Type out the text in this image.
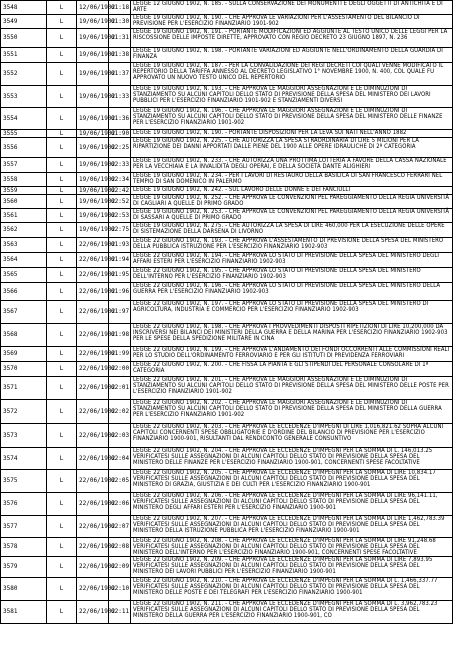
3548	L	12/06/1902	01:18	LEGGE 12 GIUGNO 1902, N. 185. - SULLA CONSERVAZIONE DEI MONUMENTI E DEGLI OGGETTI DI ANTICHITÀ E DI ARTE
3549	L	19/06/1902	01:30	LEGGE 19 GIUGNO 1902, N. 190. - CHE APPROVA LE VARIAZIONI PER L'ASSESTAMENTO DEL BILANCIO DI PREVISIONE PER L'ESERCIZIO FINANZIARIO 1901-902
3550	L	19/06/1902	01:31	LEGGE 19 GIUGNO 1902, N. 191. - PORTANTE MODIFICAZIONI ED AGGIUNTE AL TESTO UNICO DELLE LEGGI PER LA RISCOSSIONE DELLE IMPOSTE DIRETTE, APPROVATO CON REGIO DECRETO 23 GIUGNO 1897, N. 236
3551	L	19/06/1902	01:38	LEGGE 19 GIUGNO 1902, N. 198. - PORTANTE VARIAZIONI ED AGGIUNTE NELL'ORDINAMENTO DELLA GUARDIA DI FINANZA
3552	L	19/06/1902	01:37	LEGGE 19 GIUGNO 1902, N. 187. - PER LA CONVALIDAZIONE DEI REGI DECRETI COI QUALI VENNE MODIFICATO IL REPERTORIO DELLA TARIFFA ANNESSO AL DECRETO LEGISLATIVO 1° NOVEMBRE 1900, N. 400, COL QUALE FU APPROVATO UN NUOVO TESTO UNICO DEL REPERTORIO
3553	L	19/06/1902	01:33	LEGGE 19 GIUGNO 1902, N. 193. - CHE APPROVA LE MAGGIORI ASSEGNAZIONI E LE DIMINUZIONI DI STANZIAMENTO SU ALCUNI CAPITOLI DELLO STATO DI PREVISIONE DELLA SPESA DEL MINISTERO DEI LAVORI PUBBLICI PER L'ESERCIZIO FINANZIARIO 1901-902 E STANZIAMENTI DIVERSI
3554	L	19/06/1902	01:36	LEGGE 19 GIUGNO 1902, N. 196. - CHE APPROVA LE MAGGIORI ASSEGNAZIONI E LE DIMINUZIONI DI STANZIAMENTO SU ALCUNI CAPITOLI DELLO STATO DI PREVISIONE DELLA SPESA DEL MINISTERO DELLE FINANZE PER L'ESERCIZIO FINANZIARIO 1901-902
3555	L	19/06/1902	01:90	LEGGE 19 GIUGNO 1902, N. 190. - PORTANTE DISPOSIZIONI PER LA LEVA SUI NATI NELL'ANNO 1882
3556	L	19/06/1902	02:25	LEGGE 19 GIUGNO 1902, N. 225. - CHE AUTORIZZA LA SPESA STRAORDINARIA DI LIRE 5 MILIONI PER LA RIPARTIZIONE DEI DANNI APPORTATI DALLE PIENE DEL 1900 ALLE OPERE IDRAULICHE DI 2ª CATEGORIA
3557	L	19/06/1902	02:33	LEGGE 19 GIUGNO 1902, N. 233. - CHE AUTORIZZA UNA PROTTIMA LOTTERIA A FAVORE DELLA CASSA NAZIONALE PER LA VECCHIAIA E LA INVALIDITÀ DEGLI OPERAI, E DELLA SOCIETÀ DANTE ALIGHIERI
3558	L	19/06/1902	02:34	LEGGE 19 GIUGNO 1902, N. 234. - PER I LAVORI DI RESTAURO DELLA BASILICA DI SAN FRANCESCO FERRARI NEL TEMPIO DI SAN DOMENICO IN PALERMO
3559	L	19/06/1902	02:42	LEGGE 19 GIUGNO 1902, N. 242. - SUL LAVORO DELLE DONNE E DEI FANCIULLI
3560	L	19/06/1902	02:52	LEGGE 19 GIUGNO 1902, N. 252. - CHE APPROVA LE CONVENZIONI PEL PAREGGIAMENTO DELLA REGIA UNIVERSITÀ DI CAGLIARI A QUELLE DI PRIMO GRADO
3561	L	19/06/1902	02:53	LEGGE 19 GIUGNO 1902, N. 253. - CHE APPROVA LE CONVENZIONI PEL PAREGGIAMENTO DELLA REGIA UNIVERSITÀ DI SASSARI A QUELLE DI PRIMO GRADO
3562	L	19/06/1902	02:75	LEGGE 19 GIUGNO 1902, N. 275. - CHE AUTORIZZA LA SPESA DI LIRE 460,000 PER LA ESECUZIONE DELLE OPERE DI SISTEMAZIONE DELLA DARSENA DI LIVORNO
3563	L	22/06/1902	01:93	LEGGE 22 GIUGNO 1902, N. 193. - CHE APPROVA L'ASSESTAMENTO DI PREVISIONE DELLA SPESA DEL MINISTERO DELLA PUBBLICA ISTRUZIONE PER L'ESERCIZIO FINANZIARIO 1902-903
3564	L	22/06/1902	01:94	LEGGE 22 GIUGNO 1902, N. 194. - CHE APPROVA LO STATO DI PREVISIONE DELLA SPESA DEL MINISTERO DEGLI AFFARI ESTERI PER L'ESERCIZIO FINANZIARIO 1902-903
3565	L	22/06/1902	01:95	LEGGE 22 GIUGNO 1902, N. 195. - CHE APPROVA LO STATO DI PREVISIONE DELLA SPESA DEL MINISTERO DELL'INTERNO PER L'ESERCIZIO FINANZIARIO 1902-903
3566	L	22/06/1902	01:96	LEGGE 22 GIUGNO 1902, N. 196. - CHE APPROVA LO STATO DI PREVISIONE DELLA SPESA DEL MINISTERO DELLA GUERRA PER L'ESERCIZIO FINANZIARIO 1902-903
3567	L	22/06/1902	01:97	LEGGE 22 GIUGNO 1902, N. 197. - CHE APPROVA LO STATO DI PREVISIONE DELLA SPESA DEL MINISTERO DI AGRICOLTURA, INDUSTRIA E COMMERCIO PER L'ESERCIZIO FINANZIARIO 1902-903
3568	L	22/06/1902	01:98	LEGGE 22 GIUGNO 1902, N. 198. - CHE APPROVA I PROVVEDIMENTI DISPOSTI RIPETIZIONI DI LIRE 10,200,000 DA INSCRIVERSI NEI BILANCI DEI MINISTERI DELLA GUERRA E DELLA MARINA PER L'ESERCIZIO FINANZIARIO 1902-903 PER LE SPESE DELLA SPEDIZIONE MILITARE IN CINA
3569	L	22/06/1902	01:99	LEGGE 22 GIUGNO 1902, N. 199. - CHE APPROVA L'ANDAMENTO DEI FONDI OCCORRENTI ALLE COMMISSIONI REALI PER LO STUDIO DELL'ORDINAMENTO FERROVIARIO E PER GLI ISTITUTI DI PREVIDENZA FERROVIARI
3570	L	22/06/1902	02:00	LEGGE 22 GIUGNO 1902, N. 200. - CHE FISSA LA PIANTA E GLI STIPENDI DEL PERSONALE CONSOLARE DI 1ª CATEGORIA
3571	L	22/06/1902	02:01	LEGGE 22 GIUGNO 1902, N. 201. - CHE APPROVA LE MAGGIORI ASSEGNAZIONI E LE DIMINUZIONI DI STANZIAMENTO SU ALCUNI CAPITOLI DELLO STATO DI PREVISIONE DELLA SPESA DEL MINISTERO DELLE POSTE PER L'ESERCIZIO FINANZIARIO 1901-902
3572	L	22/06/1902	02:02	LEGGE 22 GIUGNO 1902, N. 202. - CHE APPROVA LE MAGGIORI ASSEGNAZIONI E LE DIMINUZIONI DI STANZIAMENTO SU ALCUNI CAPITOLI DELLO STATO DI PREVISIONE DELLA SPESA DEL MINISTERO DELLA GUERRA PER L'ESERCIZIO FINANZIARIO 1901-902
3573	L	22/06/1902	02:03	LEGGE 22 GIUGNO 1902, N. 203. - CHE APPROVA LE ECCEDENZE D'IMPEGNI DI LIRE 1,016,821.62 SOPRA ALCUNI CAPITOLI CONCERNENTI SPESE OBBLIGATORIE E D'ORDINE DEL BILANCIO DI PREVISIONE PER L'ESERCIZIO FINANZIARIO 1900-901, RISULTANTI DAL RENDICONTO GENERALE CONSUNTIVO
3574	L	22/06/1902	02:04	LEGGE 22 GIUGNO 1902, N. 204. - CHE APPROVA LE ECCEDENZE D'IMPEGNI PER LA SOMMA DI L. 146,013.25 VERIFICATESI SULLE ASSEGNAZIONI DI ALCUNI CAPITOLI DELLO STATO DI PREVISIONE DELLA SPESA DEL MINISTERO DELLE FINANZE PER L'ESERCIZIO FINANZIARIO 1900-901, CONCERNENTI SPESE FACOLTATIVE
3575	L	22/06/1902	02:05	LEGGE 22 GIUGNO 1902, N. 205. - CHE APPROVA LE ECCEDENZE D'IMPEGNI PER LA SOMMA DI LIRE 10,834.17 VERIFICATESI SULLE ASSEGNAZIONI DI ALCUNI CAPITOLI DELLO STATO DI PREVISIONE DELLA SPESA DEL MINISTERO DI GRAZIA, GIUSTIZIA E DEI CULTI PER L'ESERCIZIO FINANZIARIO 1900-901
3576	L	22/06/1902	02:06	LEGGE 22 GIUGNO 1902, N. 206. - CHE APPROVA LE ECCEDENZE D'IMPEGNI PER LA SOMMA DI LIRE 96,141.11, VERIFICATESI SULLE ASSEGNAZIONI DI ALCUNI CAPITOLI DELLO STATO DI PREVISIONE DELLA SPESA DEL MINISTERO DEGLI AFFARI ESTERI PER L'ESERCIZIO FINANZIARIO 1900-901
3577	L	22/06/1902	02:07	LEGGE 22 GIUGNO 1902, N. 207. - CHE APPROVA LE ECCEDENZE D'IMPEGNI PER LA SOMMA DI LIRE 1,462,783.39 VERIFICATESI SULLE ASSEGNAZIONI DI ALCUNI CAPITOLI DELLO STATO DI PREVISIONE DELLA SPESA DEL MINISTERO DELLA ISTRUZIONE PUBBLICA PER L'ESERCIZIO FINANZIARIO 1900-901
3578	L	22/06/1902	02:08	LEGGE 22 GIUGNO 1902, N. 208. - CHE APPROVA LE ECCEDENZE D'IMPEGNI PER LA SOMMA DI LIRE 91,248.68 VERIFICATESI SULLE ASSEGNAZIONI DI ALCUNI CAPITOLI DELLO STATO DI PREVISIONE DELLA SPESA DEL MINISTERO DELL'INTERNO PER L'ESERCIZIO FINANZIARIO 1900-901, CONCERNENTI SPESE FACOLTATIVE
3579	L	22/06/1902	02:09	LEGGE 22 GIUGNO 1902, N. 209. - CHE APPROVA LE ECCEDENZE D'IMPEGNI PER LA SOMMA DI LIRE 7,893.95 VERIFICATESI SULLE ASSEGNAZIONI DI ALCUNI CAPITOLI DELLO STATO DI PREVISIONE DELLA SPESA DEL MINISTERO DEI LAVORI PUBBLICI PER L'ESERCIZIO FINANZIARIO 1900-901
3580	L	22/06/1902	02:10	LEGGE 22 GIUGNO 1902, N. 210. - CHE APPROVA LE ECCEDENZE D'IMPEGNI PER LA SOMMA DI L. 1,466,337.77 VERIFICATESI SULLE ASSEGNAZIONI DI ALCUNI CAPITOLI DELLO STATO DI PREVISIONE DELLA SPESA DEL MINISTERO DELLE POSTE E DEI TELEGRAFI PER L'ESERCIZIO FINANZIARIO 1900-901
3581	L	22/06/1902	02:11	LEGGE 22 GIUGNO 1902, N. 211. - CHE APPROVA LE ECCEDENZE D'IMPEGNI PER LA SOMMA DI L. 3,962,783.23 VERIFICATESI SULLE ASSEGNAZIONI DI ALCUNI CAPITOLI DELLO STATO DI PREVISIONE DELLA SPESA DEL MINISTERO DELLA GUERRA PER L'ESERCIZIO FINANZIARIO 1900-901, CO
